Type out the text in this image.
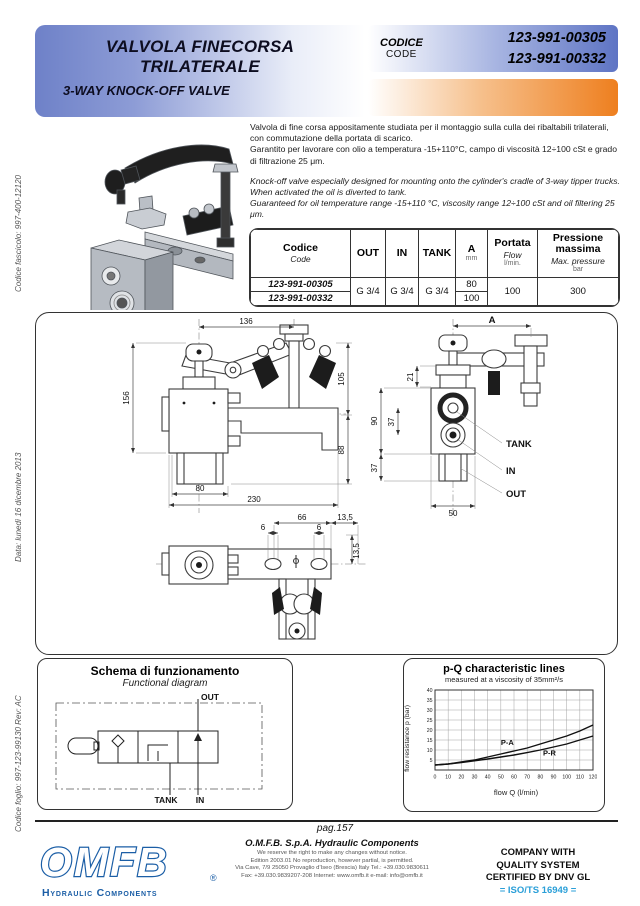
Codice fascicolo: 997-400-12120
Data: lunedì 16 dicembre 2013
Codice foglio: 997-123-99130 Rev: AC
VALVOLA FINECORSA
TRILATERALE
3-WAY KNOCK-OFF VALVE
CODICE
CODE
123-991-00305
123-991-00332

Valvola di fine corsa appositamente studiata per il montaggio sulla culla dei ribaltabili trilaterali, con commutazione della portata di scarico.

Garantito per lavorare con olio a temperatura -15+110°C, campo di viscosità 12÷100 cSt e grado di filtrazione 25 μm.

Knock-off valve especially designed for mounting onto the cylinder's cradle of 3-way tipper trucks. When activated the oil is diverted to tank.

Guaranteed for oil temperature range -15+110 °C, viscosity range 12÷100 cSt and oil filtering 25 μm.

Codice
Code

OUT	IN	TANK	A
mm

Portata
Flow
l/min.

Pressione massima
Max. pressure
bar

123-991-00305	G 3/4	G 3/4	G 3/4	80	100	300
123-991-00332				100		
136
156
105
88
80
230
A
21
90 37
37
50
TANK
IN
OUT
66	13,5
6	6
13,5
Schema di funzionamento
Functional diagram
OUT
TANK IN
p-Q characteristic lines
measured at a viscosity of 35mm²/s
flow resistance p (bar)
0 10 20 30 40 50 60 70 80 90 100 110 120
5
10
15
20
25
30
35
40
P-A
P-R
flow Q (l/min)
pag.157
OMFB	®
Hydraulic Components
O.M.F.B. S.p.A. Hydraulic Components
We reserve the right to make any changes without notice.
Edition 2003.01 No reproduction, however partial, is permitted.
Via Cave, 7/9 25050 Provaglio d'Iseo (Brescia) Italy Tel.: +39.030.9830611
Fax: +39.030.9839207-208 Internet: www.omfb.it e-mail: info@omfb.it
COMPANY WITH
QUALITY SYSTEM
CERTIFIED BY DNV GL
= ISO/TS 16949 =
